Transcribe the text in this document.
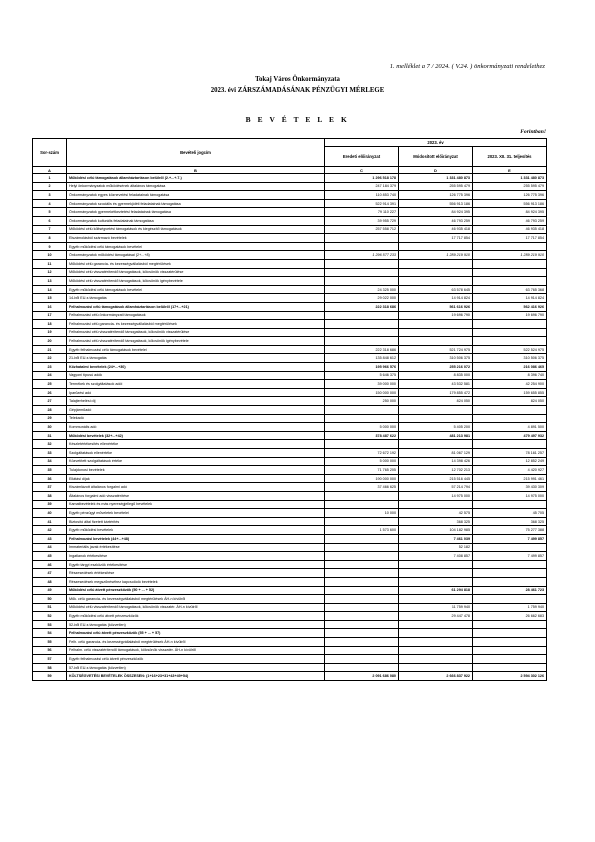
1. melléklet a 7 / 2024. ( V.24. ) önkormányzati rendelethez
Tokaj Város Önkormányzata
2023. évi ZÁRSZÁMADÁSÁNAK PÉNZÜGYI MÉRLEGE
B E V É T E L E K
Forintban!
Sor-szám	Bevételi jogcím	2023. év		
		Eredeti előirányzat	Módosított előirányzat	2023. XII. 31. teljesítés
A	B	C	D	E
1	Működési célú támogatások államháztartáson belülről (2.+...+.7.)	1 296 518 178	1 331 480 873	1 331 480 873
2	Helyi önkormányzatok működésének általános támogatása	247 184 379	255 595 479	255 595 479
3	Önkormányzatok egyes köznevelési feladatainak támogatása	110 853 740	126 775 396	126 775 396
4	Önkormányzatok szociális és gyermekjóléti feladatainak támogatása	522 914 391	556 913 186	556 913 186
5	Önkormányzatok gyermekétkeztetési feladatainak támogatása	79 110 227	84 924 395	84 924 395
6	Önkormányzatok kulturális feladatainak támogatása	39 955 729	46 793 259	46 793 259
7	Működési célú költségvetési támogatások és kiegészítő támogatások	257 558 712	46 935 418	46 935 418
8	Elszámolásból származó bevételek		17 717 854	17 717 854
9	Egyéb működési célú támogatások bevételei			
10	Önkormányzatok működési támogatásai (2+...+8)	1 296 577 233	1 289 219 910	1 289 219 910
11	Működési célú garancia- és kezességvállalásból megtérülések			
12	Működési célú visszatérítendő támogatások, kölcsönök visszatérülése			
13	Működési célú visszatérítendő támogatások, kölcsönök igénybevétele			
14	Egyéb működési célú támogatások bevételei	24 325 000	63 578 645	63 765 368
15	14-ből EU-s támogatás	29 022 000	14 914 824	14 914 824
16	Felhalmozási célú támogatások államháztartáson belülről (17+...+21)	222 318 686	561 616 926	562 416 926
17	Felhalmozási célú önkormányzati támogatások		19 696 790	19 696 790
18	Felhalmozási célú garancia- és kezességvállalásból megtérülések			
19	Felhalmozási célú visszatérítendő támogatások, kölcsönök visszatérülése			
20	Felhalmozási célú visszatérítendő támogatások, kölcsönök igénybevétele			
21	Egyéb felhalmozási célú támogatások bevételei	222 318 686	521 724 975	522 524 975
22	21-ből EU-s támogatás	135 848 612	310 506 375	310 506 375
23	Közhatalmi bevételek (24+...+30)	195 966 576	255 216 072	216 086 465
24	Vagyoni típusú adók	5 646 375	8 835 000	8 396 740
25	Termékek és szolgáltatások adói	39 000 000	43 532 581	42 254 900
26	Iparűzési adó	150 000 000	179 855 472	159 655 855
27	Talajterhelési díj	250 000	824 050	824 050
28	Gépjárműadó			
29	Telekadó			
30	Kommunális adó	5 000 000	5 405 200	4 891 500
31	Működési bevételek (32+...+42)	378 487 622	481 213 981	479 497 932
32	Készletértékesítés ellenértéke			
33	Szolgáltatások ellenértéke	72 672 192	81 067 129	78 161 257
34	Közvetített szolgáltatások értéke	5 000 000	14 398 426	12 852 249
35	Tulajdonosi bevételek	71 765 205	12 702 213	4 420 927
36	Ellátási díjak	190 000 000	215 516 445	215 991 461
37	Kiszámlázott általános forgalmi adó	37 466 625	57 214 794	39 430 309
38	Általános forgalmi adó visszatérítése		14 975 000	14 975 000
39	Kamatbevételek és más nyereségjellegű bevételek			
40	Egyéb pénzügyi műveletek bevételei	10 000	42 575	45 705
41	Biztosító által fizetett kártérítés		368 325	368 325
42	Egyéb működési bevételek	1 573 600	104 182 985	75 277 388
43	Felhalmozási bevételek (44+...+48)		7 461 039	7 499 857
44	Immateriális javak értékesítése		52 182	
45	Ingatlanok értékesítése		7 408 857	7 499 857
46	Egyéb tárgyi eszközök értékesítése			
47	Részesedések értékesítése			
48	Részesedések megszűnéséhez kapcsolódó bevételek			
49	Működési célú átvett pénzeszközök (50 + ... + 52)		61 294 818	28 461 723
50	Műk. célú garancia- és kezességvállalásból megtérülések ÁH-n kívülről			
51	Működési célú visszatérítendő támogatások, kölcsönök visszatér. ÁH-n kívülről		11 759 940	1 759 940
52	Egyéb működési célú átvett pénzeszközök		29 447 478	26 662 683
53	52-ből EU-s támogatás (közvetlen)			
54	Felhalmozási célú átvett pénzeszközök (55 + ... + 57)			
55	Felh. célú garancia- és kezességvállalásból megtérülések ÁH-n kívülről			
56	Felhalm. célú visszatérítendő támogatások, kölcsönök visszatér. ÁH-n kívülről			
57	Egyéb felhalmozási célú átvett pénzeszközök			
58	57-ből EU-s támogatás (közvetlen)			
59	KÖLTSÉGVETÉSI BEVÉTELEK ÖSSZESEN: (1+16+23+31+43+49+54)	2 091 686 080	2 666 837 922	2 594 302 126
